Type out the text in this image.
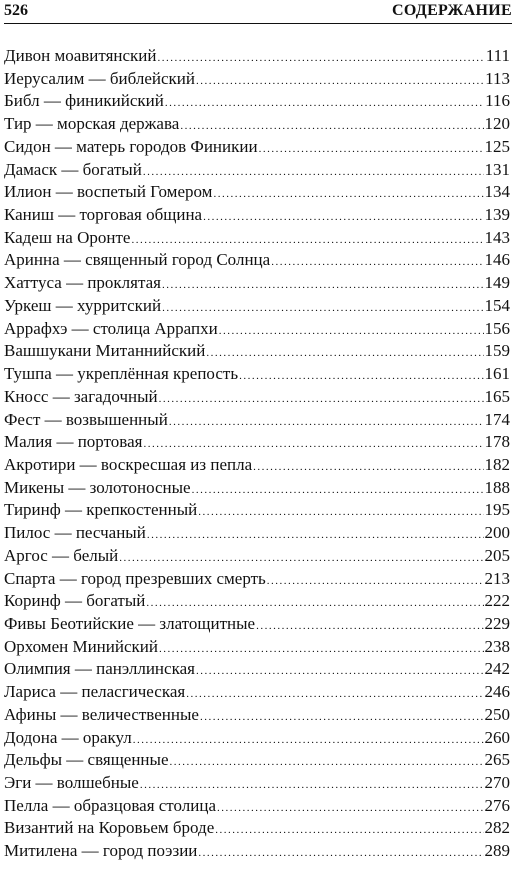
526	СОДЕРЖАНИЕ
Дивон моавитянский .....	111
Иерусалим — библейский .....	113
Библ — финикийский .....	116
Тир — морская держава .....	120
Сидон — матерь городов Финикии .....	125
Дамаск — богатый .....	131
Илион — воспетый Гомером .....	134
Каниш — торговая община .....	139
Кадеш на Оронте .....	143
Аринна — священный город Солнца .....	146
Хаттуса — проклятая .....	149
Уркеш — хурритский .....	154
Аррафхэ — столица Аррапхи .....	156
Вашшукани Митаннийский .....	159
Тушпа — укреплённая крепость .....	161
Кносс — загадочный .....	165
Фест — возвышенный .....	174
Малия — портовая .....	178
Акротири — воскресшая из пепла .....	182
Микены — золотоносные .....	188
Тиринф — крепкостенный .....	195
Пилос — песчаный .....	200
Аргос — белый .....	205
Спарта — город презревших смерть .....	213
Коринф — богатый .....	222
Фивы Беотийские — златощитные .....	229
Орхомен Минийский .....	238
Олимпия — панэллинская .....	242
Лариса — пеласгическая .....	246
Афины — величественные .....	250
Додона — оракул .....	260
Дельфы — священные .....	265
Эги — волшебные .....	270
Пелла — образцовая столица .....	276
Византий на Коровьем броде .....	282
Митилена — город поэзии .....	289
